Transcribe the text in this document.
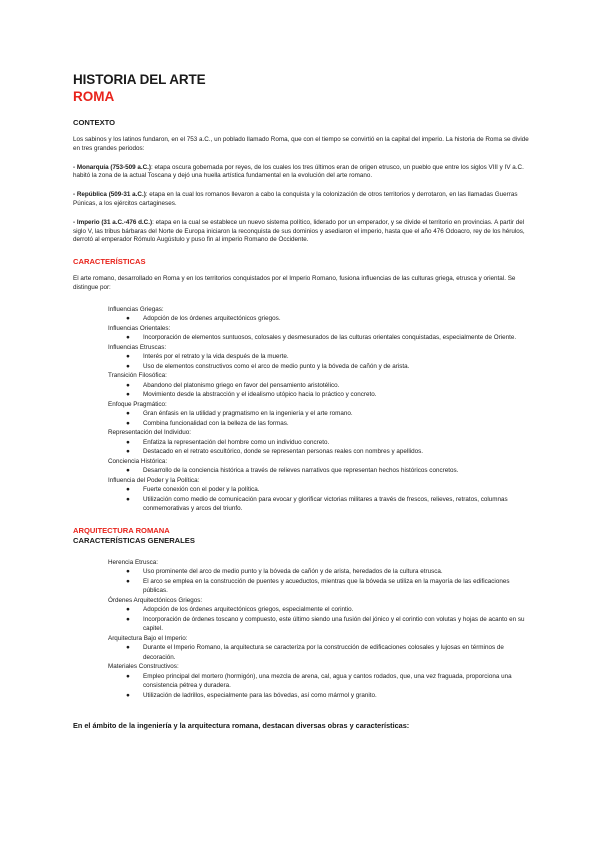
HISTORIA DEL ARTE
ROMA
CONTEXTO

Los sabinos y los latinos fundaron, en el 753 a.C., un poblado llamado Roma, que con el tiempo se convirtió en la capital del imperio. La historia de Roma se divide en tres grandes periodos:

- Monarquía (753-509 a.C.): etapa oscura gobernada por reyes, de los cuales los tres últimos eran de origen etrusco, un pueblo que entre los siglos VIII y IV a.C. habitó la zona de la actual Toscana y dejó una huella artística fundamental en la evolución del arte romano.

- República (509-31 a.C.): etapa en la cual los romanos llevaron a cabo la conquista y la colonización de otros territorios y derrotaron, en las llamadas Guerras Púnicas, a los ejércitos cartagineses.

- Imperio (31 a.C.-476 d.C.): etapa en la cual se establece un nuevo sistema político, liderado por un emperador, y se divide el territorio en provincias. A partir del siglo V, las tribus bárbaras del Norte de Europa iniciaron la reconquista de sus dominios y asediaron el imperio, hasta que el año 476 Odoacro, rey de los hérulos, derrotó al emperador Rómulo Augústulo y puso fin al imperio Romano de Occidente.

CARACTERÍSTICAS

El arte romano, desarrollado en Roma y en los territorios conquistados por el Imperio Romano, fusiona influencias de las culturas griega, etrusca y oriental. Se distingue por:

Influencias Griegas:
● Adopción de los órdenes arquitectónicos griegos.
Influencias Orientales:
● Incorporación de elementos suntuosos, colosales y desmesurados de las culturas orientales conquistadas, especialmente de Oriente.
Influencias Etruscas:
● Interés por el retrato y la vida después de la muerte.
● Uso de elementos constructivos como el arco de medio punto y la bóveda de cañón y de arista.
Transición Filosófica:
● Abandono del platonismo griego en favor del pensamiento aristotélico.
● Movimiento desde la abstracción y el idealismo utópico hacia lo práctico y concreto.
Enfoque Pragmático:
● Gran énfasis en la utilidad y pragmatismo en la ingeniería y el arte romano.
● Combina funcionalidad con la belleza de las formas.
Representación del Individuo:
● Enfatiza la representación del hombre como un individuo concreto.
● Destacado en el retrato escultórico, donde se representan personas reales con nombres y apellidos.
Conciencia Histórica:
● Desarrollo de la conciencia histórica a través de relieves narrativos que representan hechos históricos concretos.
Influencia del Poder y la Política:
● Fuerte conexión con el poder y la política.
● Utilización como medio de comunicación para evocar y glorificar victorias militares a través de frescos, relieves, retratos, columnas conmemorativas y arcos del triunfo.
ARQUITECTURA ROMANA
CARACTERÍSTICAS GENERALES
Herencia Etrusca:
● Uso prominente del arco de medio punto y la bóveda de cañón y de arista, heredados de la cultura etrusca.
● El arco se emplea en la construcción de puentes y acueductos, mientras que la bóveda se utiliza en la mayoría de las edificaciones públicas.
Órdenes Arquitectónicos Griegos:
● Adopción de los órdenes arquitectónicos griegos, especialmente el corintio.
● Incorporación de órdenes toscano y compuesto, este último siendo una fusión del jónico y el corintio con volutas y hojas de acanto en su capitel.
Arquitectura Bajo el Imperio:
● Durante el Imperio Romano, la arquitectura se caracteriza por la construcción de edificaciones colosales y lujosas en términos de decoración.
Materiales Constructivos:
● Empleo principal del mortero (hormigón), una mezcla de arena, cal, agua y cantos rodados, que, una vez fraguada, proporciona una consistencia pétrea y duradera.
● Utilización de ladrillos, especialmente para las bóvedas, así como mármol y granito.
En el ámbito de la ingeniería y la arquitectura romana, destacan diversas obras y características:
